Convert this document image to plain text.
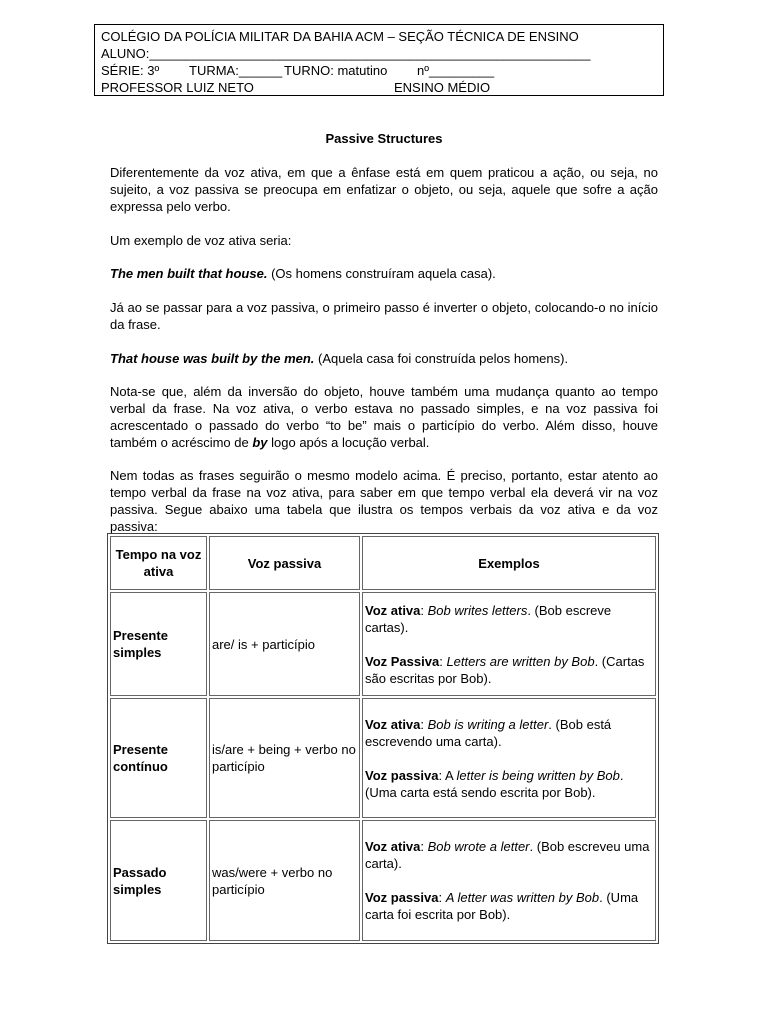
COLÉGIO DA POLÍCIA MILITAR DA BAHIA ACM – SEÇÃO TÉCNICA DE ENSINO
ALUNO:_____________________________________________________________
SÉRIE: 3º TURMA:______ TURNO: matutino nº_________
PROFESSOR LUIZ NETO	ENSINO MÉDIO
Passive Structures
Diferentemente da voz ativa, em que a ênfase está em quem praticou a ação, ou seja, no sujeito, a voz passiva se preocupa em enfatizar o objeto, ou seja, aquele que sofre a ação expressa pelo verbo.
Um exemplo de voz ativa seria:
The men built that house. (Os homens construíram aquela casa).
Já ao se passar para a voz passiva, o primeiro passo é inverter o objeto, colocando-o no início da frase.
That house was built by the men. (Aquela casa foi construída pelos homens).
Nota-se que, além da inversão do objeto, houve também uma mudança quanto ao tempo verbal da frase. Na voz ativa, o verbo estava no passado simples, e na voz passiva foi acrescentado o passado do verbo “to be” mais o particípio do verbo. Além disso, houve também o acréscimo de by logo após a locução verbal.
Nem todas as frases seguirão o mesmo modelo acima. É preciso, portanto, estar atento ao tempo verbal da frase na voz ativa, para saber em que tempo verbal ela deverá vir na voz passiva. Segue abaixo uma tabela que ilustra os tempos verbais da voz ativa e da voz passiva:
Tempo na voz ativa	Voz passiva	Exemplos
Presente simples	are/ is + particípio	Voz ativa: Bob writes letters. (Bob escreve cartas).

Voz Passiva: Letters are written by Bob. (Cartas são escritas por Bob).

Presente contínuo	is/are + being + verbo no particípio	Voz ativa: Bob is writing a letter. (Bob está escrevendo uma carta).

Voz passiva: A letter is being written by Bob. (Uma carta está sendo escrita por Bob).

Passado simples	was/were + verbo no particípio	Voz ativa: Bob wrote a letter. (Bob escreveu uma carta).

Voz passiva: A letter was written by Bob. (Uma carta foi escrita por Bob).
